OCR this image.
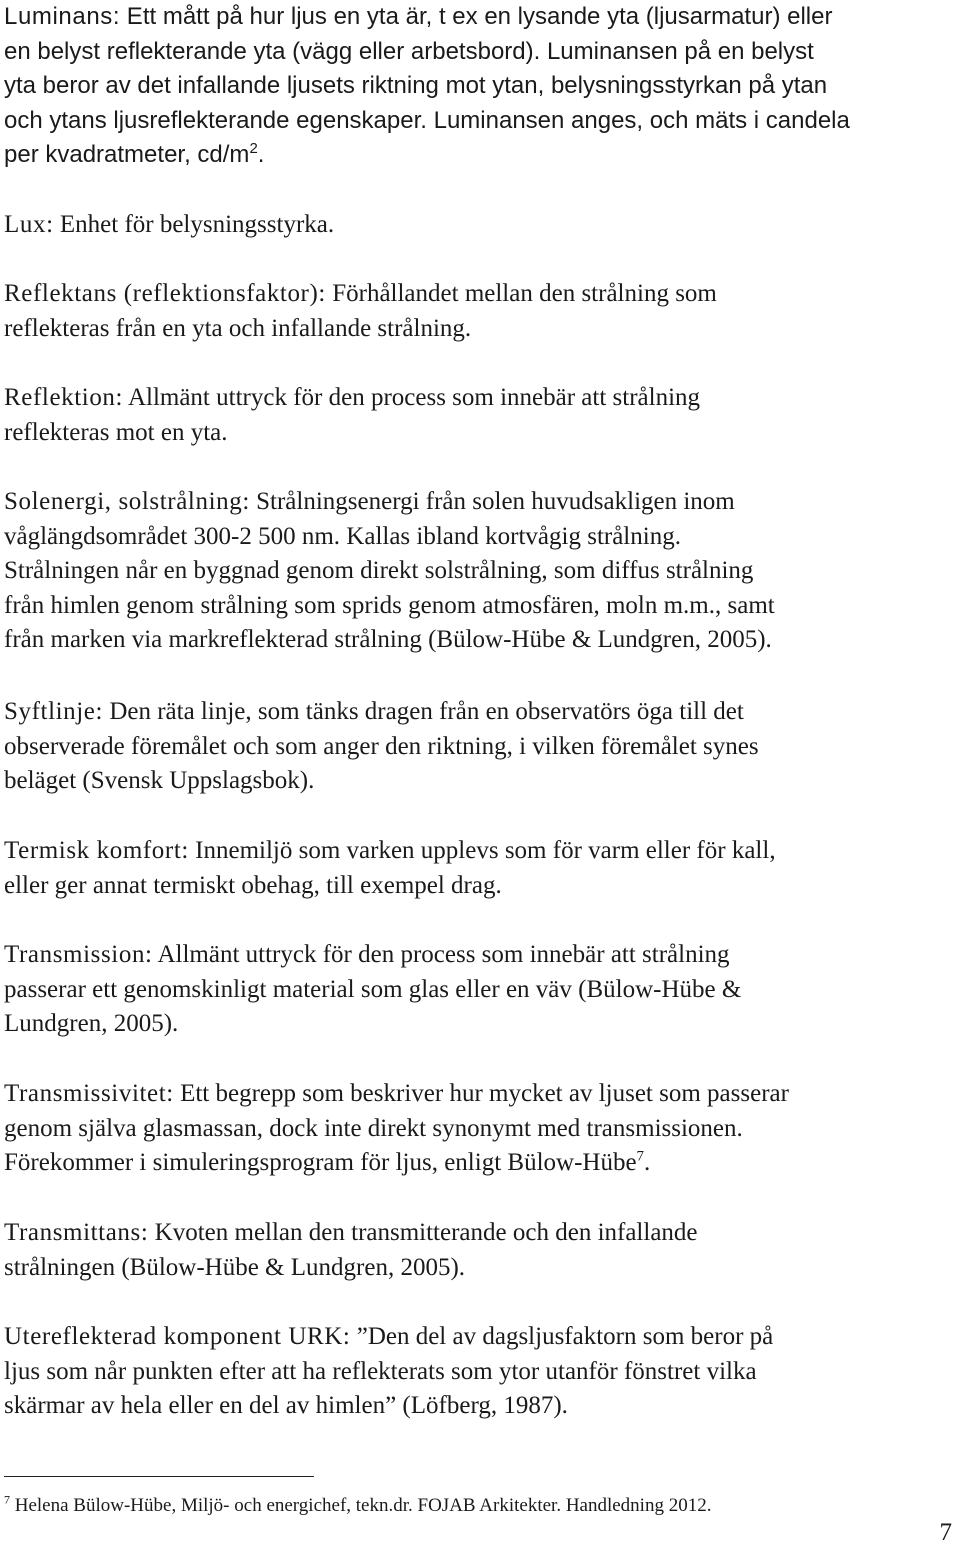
Luminans: Ett mått på hur ljus en yta är, t ex en lysande yta (ljusarmatur) eller
en belyst reflekterande yta (vägg eller arbetsbord). Luminansen på en belyst
yta beror av det infallande ljusets riktning mot ytan, belysningsstyrkan på ytan
och ytans ljusreflekterande egenskaper. Luminansen anges, och mäts i candela
per kvadratmeter, $cd/m^2$.

Lux: Enhet för belysningsstyrka.

Reflektans (reflektionsfaktor): Förhållandet mellan den strålning som
reflekteras från en yta och infallande strålning.

Reflektion: Allmänt uttryck för den process som innebär att strålning
reflekteras mot en yta.

Solenergi, solstrålning: Strålningsenergi från solen huvudsakligen inom
våglängdsområdet 300-2 500 nm. Kallas ibland kortvågig strålning.
Strålningen når en byggnad genom direkt solstrålning, som diffus strålning
från himlen genom strålning som sprids genom atmosfären, moln m.m., samt
från marken via markreflekterad strålning (Bülow-Hübe & Lundgren, 2005).

Syftlinje: Den räta linje, som tänks dragen från en observatörs öga till det
observerade föremålet och som anger den riktning, i vilken föremålet synes
beläget (Svensk Uppslagsbok).

Termisk komfort: Innemiljö som varken upplevs som för varm eller för kall,
eller ger annat termiskt obehag, till exempel drag.

Transmission: Allmänt uttryck för den process som innebär att strålning
passerar ett genomskinligt material som glas eller en väv (Bülow-Hübe &
Lundgren, 2005).

Transmissivitet: Ett begrepp som beskriver hur mycket av ljuset som passerar
genom själva glasmassan, dock inte direkt synonymt med transmissionen.
Förekommer i simuleringsprogram för ljus, enligt Bülow-Hübe$^7$.

Transmittans: Kvoten mellan den transmitterande och den infallande
strålningen (Bülow-Hübe & Lundgren, 2005).

Utereflekterad komponent URK: ”Den del av dagsljusfaktorn som beror på
ljus som når punkten efter att ha reflekterats som ytor utanför fönstret vilka
skärmar av hela eller en del av himlen” (Löfberg, 1987).

$^7$ Helena Bülow-Hübe, Miljö- och energichef, tekn.dr. FOJAB Arkitekter. Handledning 2012.
7
